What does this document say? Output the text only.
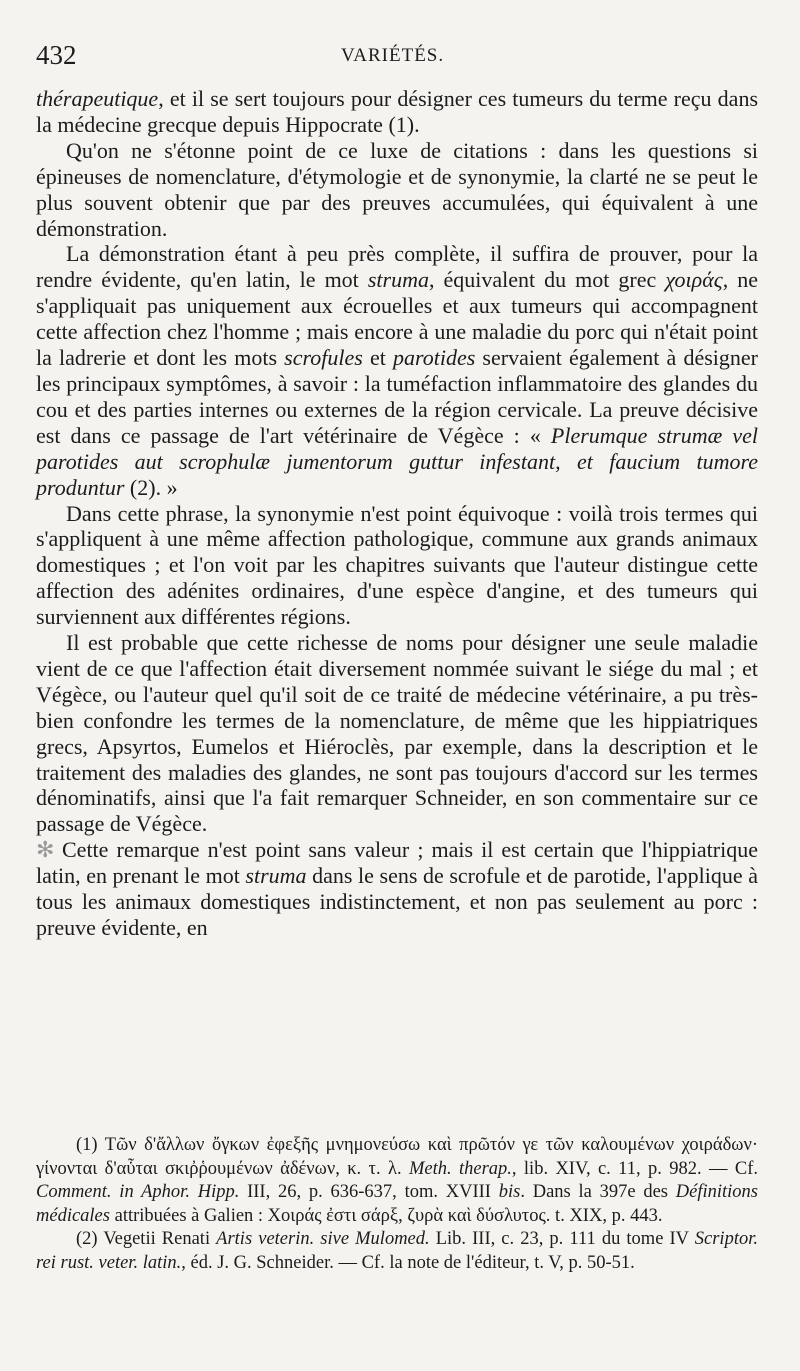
432	VARIÉTÉS.

thérapeutique, et il se sert toujours pour désigner ces tumeurs du terme reçu dans la médecine grecque depuis Hippocrate (1).

Qu'on ne s'étonne point de ce luxe de citations : dans les questions si épineuses de nomenclature, d'étymologie et de synonymie, la clarté ne se peut le plus souvent obtenir que par des preuves accumulées, qui équivalent à une démonstration.

La démonstration étant à peu près complète, il suffira de prouver, pour la rendre évidente, qu'en latin, le mot struma, équivalent du mot grec χοιράς, ne s'appliquait pas uniquement aux écrouelles et aux tumeurs qui accompagnent cette affection chez l'homme ; mais encore à une maladie du porc qui n'était point la ladrerie et dont les mots scrofules et parotides servaient également à désigner les principaux symptômes, à savoir : la tuméfaction inflammatoire des glandes du cou et des parties internes ou externes de la région cervicale. La preuve décisive est dans ce passage de l'art vétérinaire de Végèce : « Plerumque strumæ vel parotides aut scrophulæ jumentorum guttur infestant, et faucium tumore produntur (2). »

Dans cette phrase, la synonymie n'est point équivoque : voilà trois termes qui s'appliquent à une même affection pathologique, commune aux grands animaux domestiques ; et l'on voit par les chapitres suivants que l'auteur distingue cette affection des adénites ordinaires, d'une espèce d'angine, et des tumeurs qui surviennent aux différentes régions.

Il est probable que cette richesse de noms pour désigner une seule maladie vient de ce que l'affection était diversement nommée suivant le siége du mal ; et Végèce, ou l'auteur quel qu'il soit de ce traité de médecine vétérinaire, a pu très-bien confondre les termes de la nomenclature, de même que les hippiatriques grecs, Apsyrtos, Eumelos et Hiéroclès, par exemple, dans la description et le traitement des maladies des glandes, ne sont pas toujours d'accord sur les termes dénominatifs, ainsi que l'a fait remarquer Schneider, en son commentaire sur ce passage de Végèce.

✻ Cette remarque n'est point sans valeur ; mais il est certain que l'hippiatrique latin, en prenant le mot struma dans le sens de scrofule et de parotide, l'applique à tous les animaux domestiques indistinctement, et non pas seulement au porc : preuve évidente, en

(1) Τῶν δ'ἄλλων ὄγκων ἐφεξῆς μνημονεύσω καὶ πρῶτόν γε τῶν καλουμένων χοιράδων· γίνονται δ'αὗται σκιῤῥουμένων ἀδένων, κ. τ. λ. Meth. therap., lib. XIV, c. 11, p. 982. — Cf. Comment. in Aphor. Hipp. III, 26, p. 636-637, tom. XVIII bis. Dans la 397e des Définitions médicales attribuées à Galien : Χοιράς ἐστι σάρξ, ζυρὰ καὶ δύσλυτος. t. XIX, p. 443.

(2) Vegetii Renati Artis veterin. sive Mulomed. Lib. III, c. 23, p. 111 du tome IV Scriptor. rei rust. veter. latin., éd. J. G. Schneider. — Cf. la note de l'éditeur, t. V, p. 50-51.
